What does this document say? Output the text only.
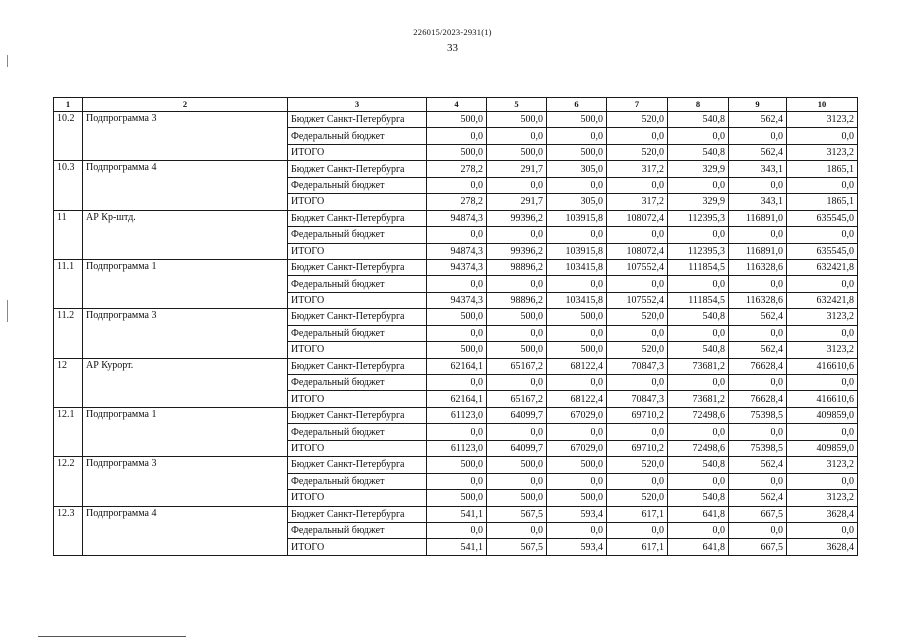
226015/2023-2931(1)
33
1	2	3	4	5	6	7	8	9	10
10.2	Подпрограмма 3	Бюджет Санкт-Петербурга	500,0	500,0	500,0	520,0	540,8	562,4	3123,2
		Федеральный бюджет	0,0	0,0	0,0	0,0	0,0	0,0	0,0
		ИТОГО	500,0	500,0	500,0	520,0	540,8	562,4	3123,2
10.3	Подпрограмма 4	Бюджет Санкт-Петербурга	278,2	291,7	305,0	317,2	329,9	343,1	1865,1
		Федеральный бюджет	0,0	0,0	0,0	0,0	0,0	0,0	0,0
		ИТОГО	278,2	291,7	305,0	317,2	329,9	343,1	1865,1
11	АР Кр-штд.	Бюджет Санкт-Петербурга	94874,3	99396,2	103915,8	108072,4	112395,3	116891,0	635545,0
		Федеральный бюджет	0,0	0,0	0,0	0,0	0,0	0,0	0,0
		ИТОГО	94874,3	99396,2	103915,8	108072,4	112395,3	116891,0	635545,0
11.1	Подпрограмма 1	Бюджет Санкт-Петербурга	94374,3	98896,2	103415,8	107552,4	111854,5	116328,6	632421,8
		Федеральный бюджет	0,0	0,0	0,0	0,0	0,0	0,0	0,0
		ИТОГО	94374,3	98896,2	103415,8	107552,4	111854,5	116328,6	632421,8
11.2	Подпрограмма 3	Бюджет Санкт-Петербурга	500,0	500,0	500,0	520,0	540,8	562,4	3123,2
		Федеральный бюджет	0,0	0,0	0,0	0,0	0,0	0,0	0,0
		ИТОГО	500,0	500,0	500,0	520,0	540,8	562,4	3123,2
12	АР Курорт.	Бюджет Санкт-Петербурга	62164,1	65167,2	68122,4	70847,3	73681,2	76628,4	416610,6
		Федеральный бюджет	0,0	0,0	0,0	0,0	0,0	0,0	0,0
		ИТОГО	62164,1	65167,2	68122,4	70847,3	73681,2	76628,4	416610,6
12.1	Подпрограмма 1	Бюджет Санкт-Петербурга	61123,0	64099,7	67029,0	69710,2	72498,6	75398,5	409859,0
		Федеральный бюджет	0,0	0,0	0,0	0,0	0,0	0,0	0,0
		ИТОГО	61123,0	64099,7	67029,0	69710,2	72498,6	75398,5	409859,0
12.2	Подпрограмма 3	Бюджет Санкт-Петербурга	500,0	500,0	500,0	520,0	540,8	562,4	3123,2
		Федеральный бюджет	0,0	0,0	0,0	0,0	0,0	0,0	0,0
		ИТОГО	500,0	500,0	500,0	520,0	540,8	562,4	3123,2
12.3	Подпрограмма 4	Бюджет Санкт-Петербурга	541,1	567,5	593,4	617,1	641,8	667,5	3628,4
		Федеральный бюджет	0,0	0,0	0,0	0,0	0,0	0,0	0,0
		ИТОГО	541,1	567,5	593,4	617,1	641,8	667,5	3628,4
